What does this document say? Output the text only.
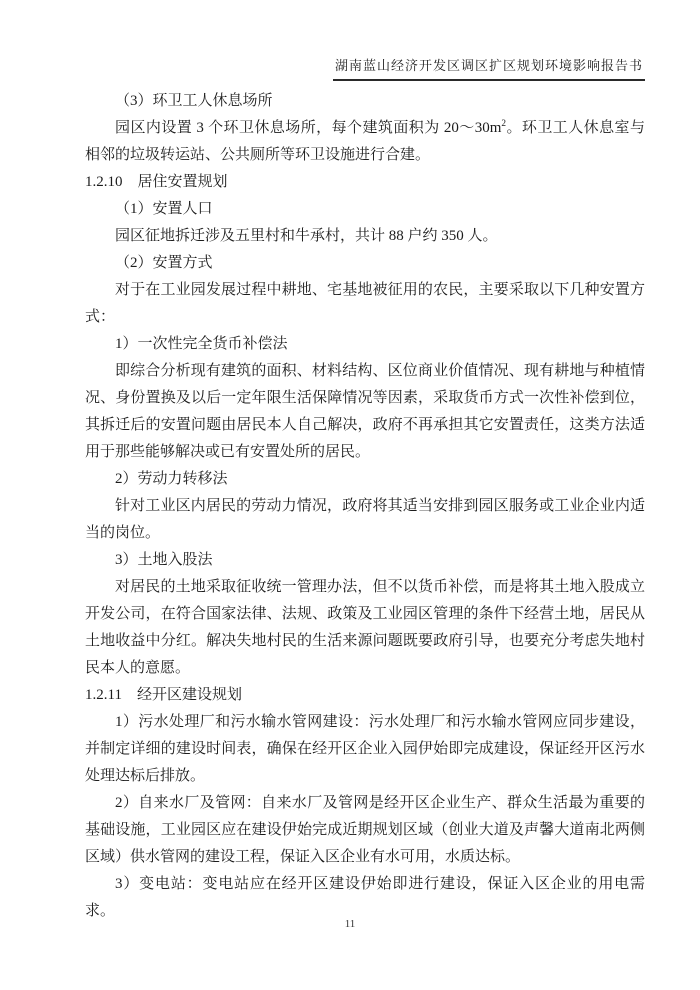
湖南蓝山经济开发区调区扩区规划环境影响报告书

（3）环卫工人休息场所

园区内设置 3 个环卫休息场所，每个建筑面积为 $20\sim 30m^2$。环卫工人休息室与相邻的垃圾转运站、公共厕所等环卫设施进行合建。

1.2.10　居住安置规划

（1）安置人口

园区征地拆迁涉及五里村和牛承村，共计 88 户约 350 人。

（2）安置方式

对于在工业园发展过程中耕地、宅基地被征用的农民，主要采取以下几种安置方式：

1）一次性完全货币补偿法

即综合分析现有建筑的面积、材料结构、区位商业价值情况、现有耕地与种植情况、身份置换及以后一定年限生活保障情况等因素，采取货币方式一次性补偿到位，其拆迁后的安置问题由居民本人自己解决，政府不再承担其它安置责任，这类方法适用于那些能够解决或已有安置处所的居民。

2）劳动力转移法

针对工业区内居民的劳动力情况，政府将其适当安排到园区服务或工业企业内适当的岗位。

3）土地入股法

对居民的土地采取征收统一管理办法，但不以货币补偿，而是将其土地入股成立开发公司，在符合国家法律、法规、政策及工业园区管理的条件下经营土地，居民从土地收益中分红。解决失地村民的生活来源问题既要政府引导，也要充分考虑失地村民本人的意愿。

1.2.11　经开区建设规划

1）污水处理厂和污水输水管网建设：污水处理厂和污水输水管网应同步建设，并制定详细的建设时间表，确保在经开区企业入园伊始即完成建设，保证经开区污水处理达标后排放。

2）自来水厂及管网：自来水厂及管网是经开区企业生产、群众生活最为重要的基础设施，工业园区应在建设伊始完成近期规划区域（创业大道及声馨大道南北两侧区域）供水管网的建设工程，保证入区企业有水可用，水质达标。

3）变电站：变电站应在经开区建设伊始即进行建设，保证入区企业的用电需求。

11
